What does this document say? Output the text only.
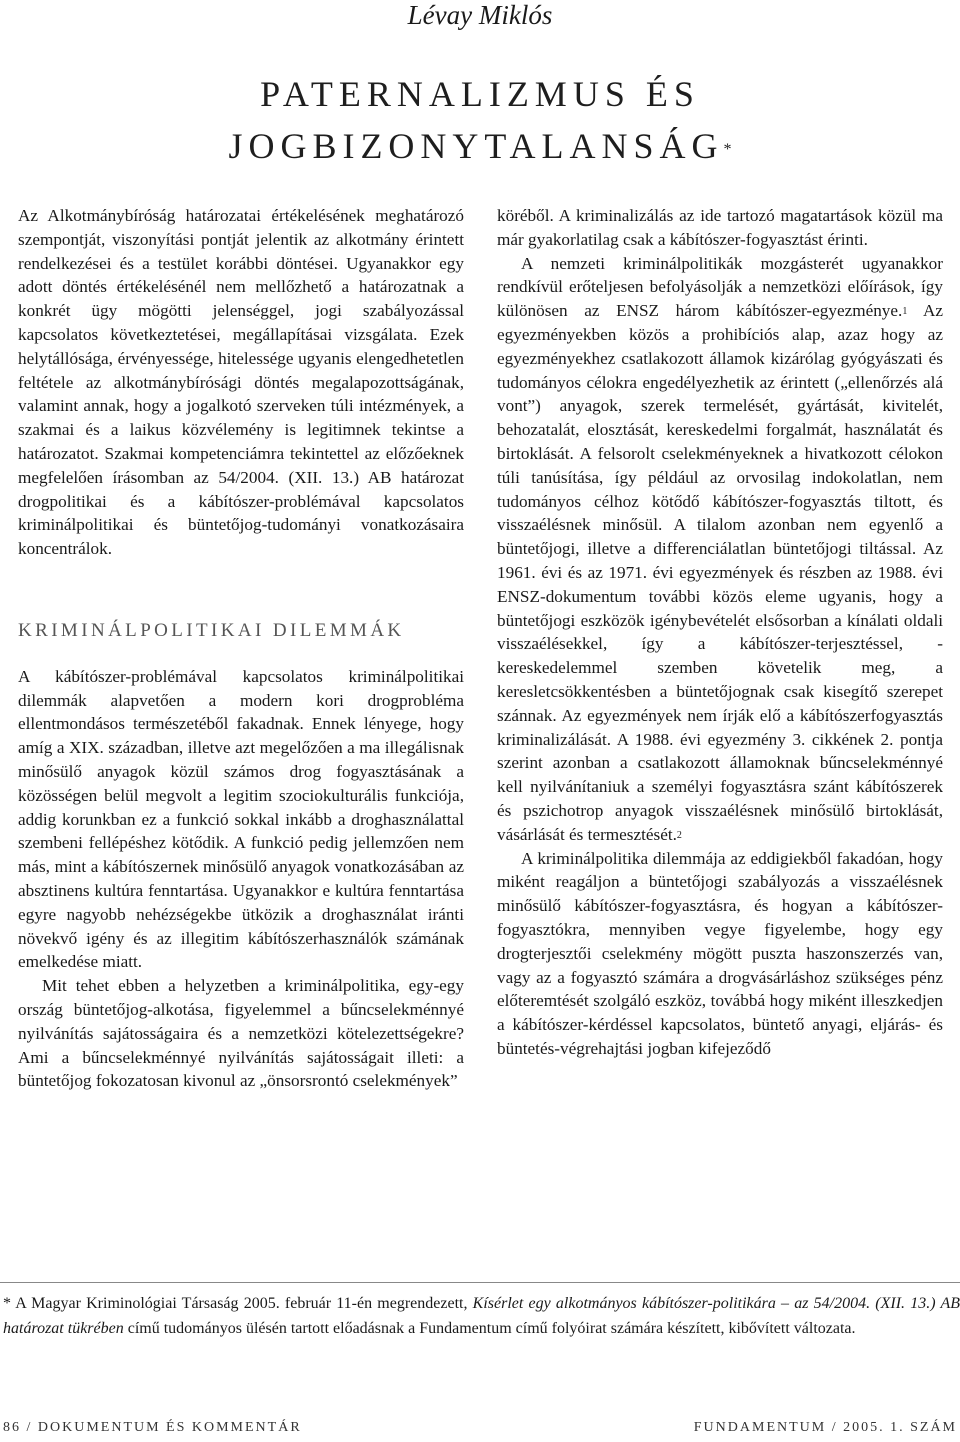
Lévay Miklós
PATERNALIZMUS ÉS
JOGBIZONYTALANSÁG*

Az Alkotmánybíróság határozatai értékelésének meghatározó szempontját, viszonyítási pontját jelentik az alkotmány érintett rendelkezései és a testület korábbi döntései. Ugyanakkor egy adott döntés értékelésénél nem mellőzhető a határozatnak a konkrét ügy mögötti jelenséggel, jogi szabályozással kapcsolatos következtetései, megállapításai vizsgálata. Ezek helytállósága, érvényessége, hitelessége ugyanis elengedhetetlen feltétele az alkotmánybírósági döntés megalapozottságának, valamint annak, hogy a jogalkotó szerveken túli intézmények, a szakmai és a laikus közvélemény is legitimnek tekintse a határozatot. Szakmai kompetenciámra tekintettel az előzőeknek megfelelően írásomban az 54/2004. (XII. 13.) AB határozat drogpolitikai és a kábítószer-problémával kapcsolatos kriminálpolitikai és büntetőjog-tudományi vonatkozásaira koncentrálok.

KRIMINÁLPOLITIKAI DILEMMÁK

A kábítószer-problémával kapcsolatos kriminálpolitikai dilemmák alapvetően a modern kori drogprobléma ellentmondásos természetéből fakadnak. Ennek lényege, hogy amíg a XIX. században, illetve azt megelőzően a ma illegálisnak minősülő anyagok közül számos drog fogyasztásának a közösségen belül megvolt a legitim szociokulturális funkciója, addig korunkban ez a funkció sokkal inkább a droghasználattal szembeni fellépéshez kötődik. A funkció pedig jellemzően nem más, mint a kábítószernek minősülő anyagok vonatkozásában az absztinens kultúra fenntartása. Ugyanakkor e kultúra fenntartása egyre nagyobb nehézségekbe ütközik a droghasználat iránti növekvő igény és az illegitim kábítószerhasználók számának emelkedése miatt.

Mit tehet ebben a helyzetben a kriminálpolitika, egy-egy ország büntetőjog-alkotása, figyelemmel a bűncselekménnyé nyilvánítás sajátosságaira és a nemzetközi kötelezettségekre? Ami a bűncselekménnyé nyilvánítás sajátosságait illeti: a büntetőjog fokozatosan kivonul az „önsorsrontó cselekmények”

köréből. A kriminalizálás az ide tartozó magatartások közül ma már gyakorlatilag csak a kábítószer-fogyasztást érinti.

A nemzeti kriminálpolitikák mozgásterét ugyanakkor rendkívül erőteljesen befolyásolják a nemzetközi előírások, így különösen az ENSZ három kábítószer-egyezménye.$^1$ Az egyezményekben közös a prohibíciós alap, azaz hogy az egyezményekhez csatlakozott államok kizárólag gyógyászati és tudományos célokra engedélyezhetik az érintett („ellenőrzés alá vont”) anyagok, szerek termelését, gyártását, kivitelét, behozatalát, elosztását, kereskedelmi forgalmát, használatát és birtoklását. A felsorolt cselekményeknek a hivatkozott célokon túli tanúsítása, így például az orvosilag indokolatlan, nem tudományos célhoz kötődő kábítószer-fogyasztás tiltott, és visszaélésnek minősül. A tilalom azonban nem egyenlő a büntetőjogi, illetve a differenciálatlan büntetőjogi tiltással. Az 1961. évi és az 1971. évi egyezmények és részben az 1988. évi ENSZ-dokumentum további közös eleme ugyanis, hogy a büntetőjogi eszközök igénybevételét elsősorban a kínálati oldali visszaélésekkel, így a kábítószer-terjesztéssel, -kereskedelemmel szemben követelik meg, a keresletcsökkentésben a büntetőjognak csak kisegítő szerepet szánnak. Az egyezmények nem írják elő a kábítószerfogyasztás kriminalizálását. A 1988. évi egyezmény 3. cikkének 2. pontja szerint azonban a csatlakozott államoknak bűncselekménnyé kell nyilvánítaniuk a személyi fogyasztásra szánt kábítószerek és pszichotrop anyagok visszaélésnek minősülő birtoklását, vásárlását és termesztését.$^2$

A kriminálpolitika dilemmája az eddigiekből fakadóan, hogy miként reagáljon a büntetőjogi szabályozás a visszaélésnek minősülő kábítószer-fogyasztásra, és hogyan a kábítószer-fogyasztókra, mennyiben vegye figyelembe, hogy egy drogterjesztői cselekmény mögött puszta haszonszerzés van, vagy az a fogyasztó számára a drogvásárláshoz szükséges pénz előteremtését szolgáló eszköz, továbbá hogy miként illeszkedjen a kábítószer-kérdéssel kapcsolatos, büntető anyagi, eljárás- és büntetés-végrehajtási jogban kifejeződő

* A Magyar Kriminológiai Társaság 2005. február 11-én megrendezett, Kísérlet egy alkotmányos kábítószer-politikára – az 54/2004. (XII. 13.) AB határozat tükrében című tudományos ülésén tartott előadásnak a Fundamentum című folyóirat számára készített, kibővített változata.
86 / DOKUMENTUM ÉS KOMMENTÁR	FUNDAMENTUM / 2005. 1. SZÁM
